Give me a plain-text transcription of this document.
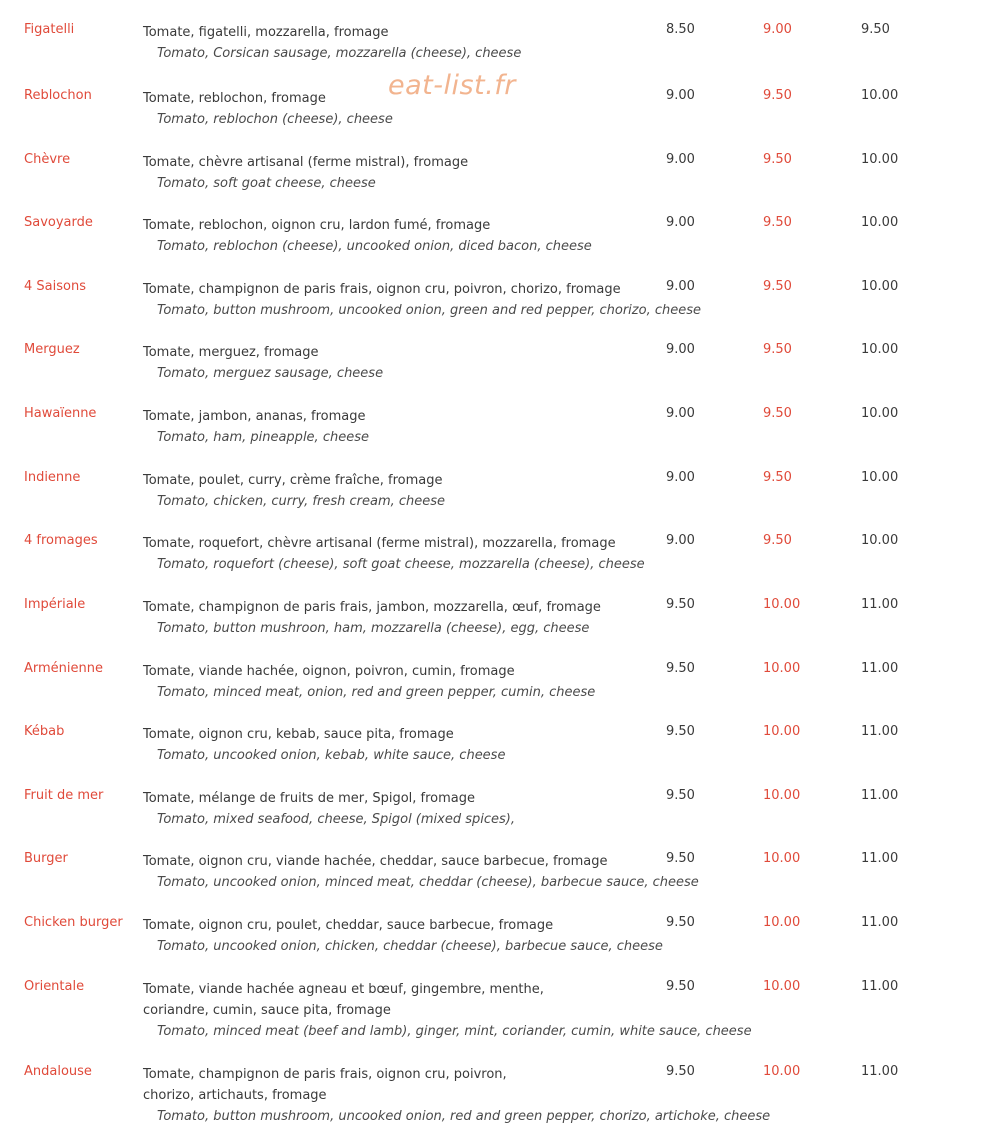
eat-list.fr
Figatelli	Tomate, figatelli, mozzarella, fromage
Tomato, Corsican sausage, mozzarella (cheese), cheese
8.50	9.00	9.50
Reblochon	Tomate, reblochon, fromage
Tomato, reblochon (cheese), cheese
9.00	9.50	10.00
Chèvre	Tomate, chèvre artisanal (ferme mistral), fromage
Tomato, soft goat cheese, cheese
9.00	9.50	10.00
Savoyarde	Tomate, reblochon, oignon cru, lardon fumé, fromage
Tomato, reblochon (cheese), uncooked onion, diced bacon, cheese
9.00	9.50	10.00
4 Saisons	Tomate, champignon de paris frais, oignon cru, poivron, chorizo, fromage
Tomato, button mushroom, uncooked onion, green and red pepper, chorizo, cheese
9.00	9.50	10.00
Merguez	Tomate, merguez, fromage
Tomato, merguez sausage, cheese
9.00	9.50	10.00
Hawaïenne	Tomate, jambon, ananas, fromage
Tomato, ham, pineapple, cheese
9.00	9.50	10.00
Indienne	Tomate, poulet, curry, crème fraîche, fromage
Tomato, chicken, curry, fresh cream, cheese
9.00	9.50	10.00
4 fromages	Tomate, roquefort, chèvre artisanal (ferme mistral), mozzarella, fromage
Tomato, roquefort (cheese), soft goat cheese, mozzarella (cheese), cheese
9.00	9.50	10.00
Impériale	Tomate, champignon de paris frais, jambon, mozzarella, œuf, fromage
Tomato, button mushroon, ham, mozzarella (cheese), egg, cheese
9.50	10.00	11.00
Arménienne	Tomate, viande hachée, oignon, poivron, cumin, fromage
Tomato, minced meat, onion, red and green pepper, cumin, cheese
9.50	10.00	11.00
Kébab	Tomate, oignon cru, kebab, sauce pita, fromage
Tomato, uncooked onion, kebab, white sauce, cheese
9.50	10.00	11.00
Fruit de mer	Tomate, mélange de fruits de mer, Spigol, fromage
Tomato, mixed seafood, cheese, Spigol (mixed spices),
9.50	10.00	11.00
Burger	Tomate, oignon cru, viande hachée, cheddar, sauce barbecue, fromage
Tomato, uncooked onion, minced meat, cheddar (cheese), barbecue sauce, cheese
9.50	10.00	11.00
Chicken burger Tomate, oignon cru, poulet, cheddar, sauce barbecue, fromage
Tomato, uncooked onion, chicken, cheddar (cheese), barbecue sauce, cheese
9.50	10.00	11.00
Orientale	Tomate, viande hachée agneau et bœuf, gingembre, menthe, coriandre, cumin, sauce pita, fromage
Tomato, minced meat (beef and lamb), ginger, mint, coriander, cumin, white sauce, cheese
9.50	10.00	11.00
Andalouse	Tomate, champignon de paris frais, oignon cru, poivron, chorizo, artichauts, fromage
Tomato, button mushroom, uncooked onion, red and green pepper, chorizo, artichoke, cheese
9.50	10.00	11.00
